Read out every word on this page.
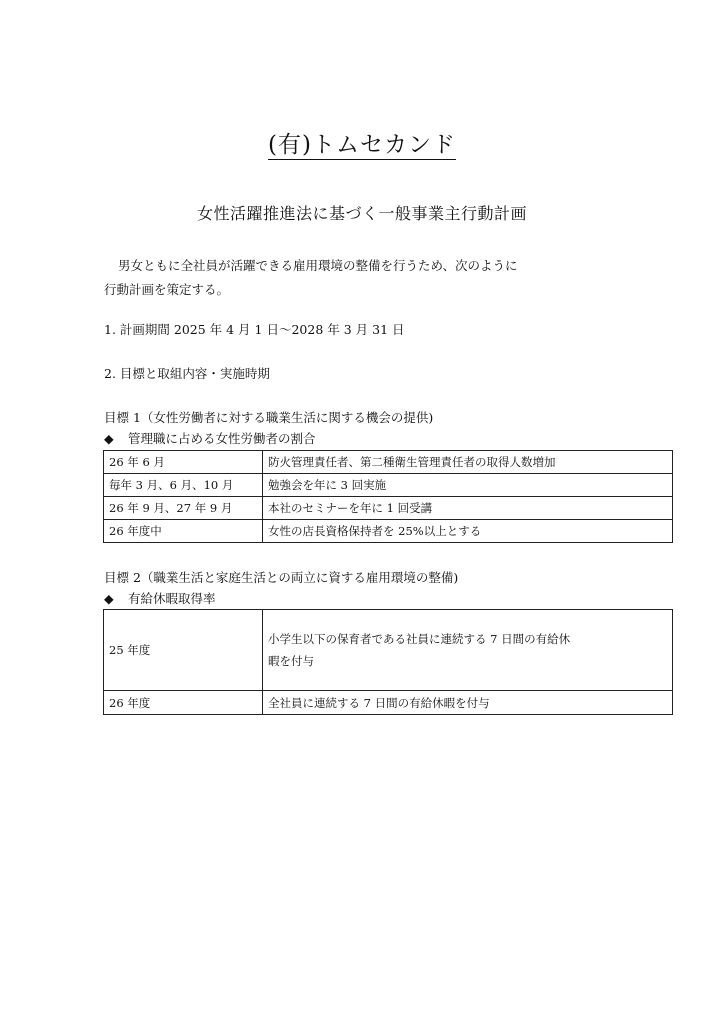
(有)トムセカンド
女性活躍推進法に基づく一般事業主行動計画
男女ともに全社員が活躍できる雇用環境の整備を行うため、次のように
行動計画を策定する。
1. 計画期間 2025 年 4 月 1 日～2028 年 3 月 31 日
2. 目標と取組内容・実施時期
目標 1（女性労働者に対する職業生活に関する機会の提供)
◆ 管理職に占める女性労働者の割合
26 年 6 月	防火管理責任者、第二種衛生管理責任者の取得人数増加
毎年 3 月、6 月、10 月	勉強会を年に 3 回実施
26 年 9 月、27 年 9 月	本社のセミナーを年に 1 回受講
26 年度中	女性の店長資格保持者を 25%以上とする
目標 2（職業生活と家庭生活との両立に資する雇用環境の整備)
◆ 有給休暇取得率
25 年度	小学生以下の保育者である社員に連続する 7 日間の有給休
暇を付与
26 年度	全社員に連続する 7 日間の有給休暇を付与
